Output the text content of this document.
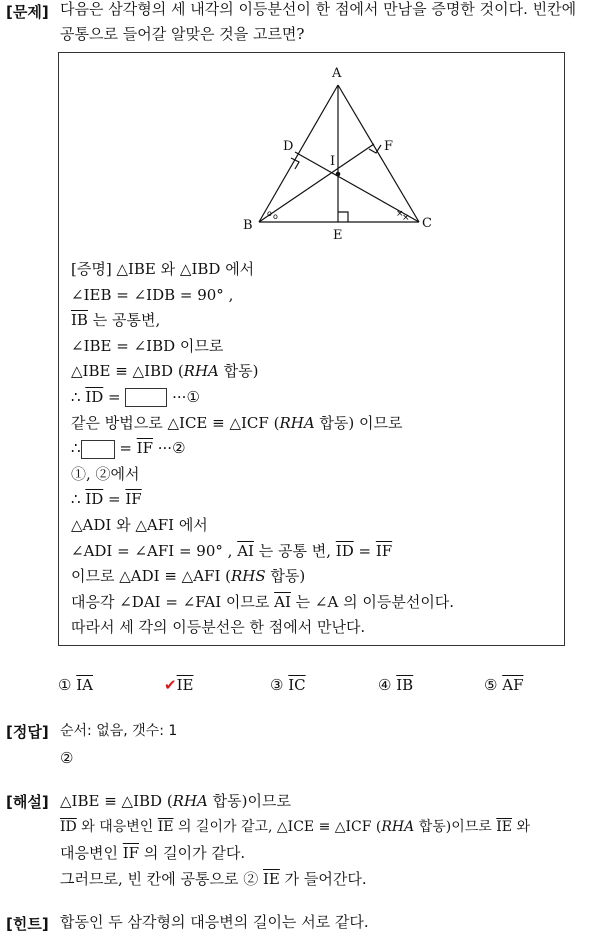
[문제] 다음은 삼각형의 세 내각의 이등분선이 한 점에서 만남을 증명한 것이다. 빈칸에
공통으로 들어갈 알맞은 것을 고르면?
o o	×
×
A
B	C
D
E
F
I
[증명] △IBE 와 △IBD 에서
∠IEB = ∠IDB = 90° ,
$\overline{IB}$ 는 공통변,
∠IBE = ∠IBD 이므로
△IBE ≡ △IBD (RHA 합동)
∴ $\overline{ID}$ =	···①
같은 방법으로 △ICE ≡ △ICF (RHA 합동) 이므로
∴ = $\overline{IF}$ ···②
①, ②에서
∴ $\overline{ID} = \overline{IF}$
△ADI 와 △AFI 에서
∠ADI = ∠AFI = 90° , $\overline{AI}$ 는 공통 변, $\overline{ID} = \overline{IF}$
이므로 △ADI ≡ △AFI (RHS 합동)
대응각 ∠DAI = ∠FAI 이므로 $\overline{AI}$ 는 ∠A 의 이등분선이다.
따라서 세 각의 이등분선은 한 점에서 만난다.
① $\overline{IA}$	$✔\overline{IE}$	③ $\overline{IC}$	④ $\overline{IB}$	⑤ $\overline{AF}$
[정답] 순서: 없음, 갯수: 1
②
[해설] △IBE ≡ △IBD (RHA 합동)이므로
$\overline{ID}$ 와 대응변인 $\overline{IE}$ 의 길이가 같고, △ICE ≡ △ICF (RHA 합동)이므로 $\overline{IE}$ 와
대응변인 $\overline{IF}$ 의 길이가 같다.
그러므로, 빈 칸에 공통으로 ② $\overline{IE}$ 가 들어간다.
[힌트] 합동인 두 삼각형의 대응변의 길이는 서로 같다.
